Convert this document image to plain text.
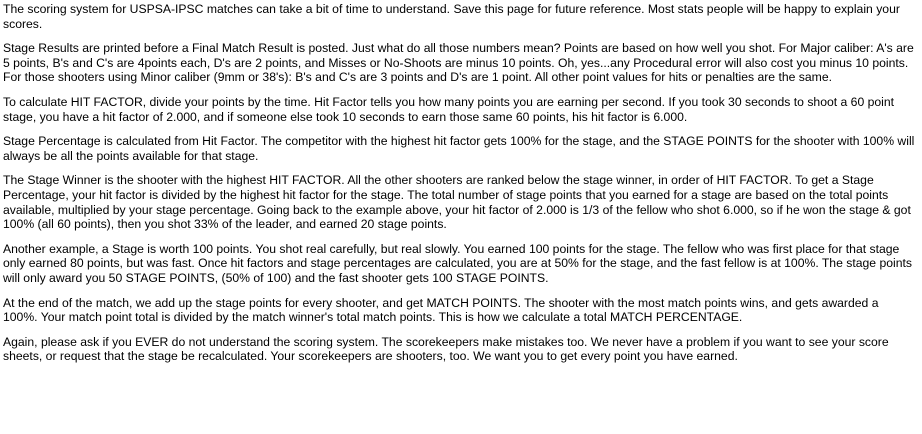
The scoring system for USPSA-IPSC matches can take a bit of time to understand. Save this page for future reference. Most stats people will be happy to explain your scores.

Stage Results are printed before a Final Match Result is posted. Just what do all those numbers mean? Points are based on how well you shot. For Major caliber: A's are 5 points, B's and C's are 4points each, D's are 2 points, and Misses or No-Shoots are minus 10 points. Oh, yes...any Procedural error will also cost you minus 10 points. For those shooters using Minor caliber (9mm or 38's): B's and C's are 3 points and D's are 1 point. All other point values for hits or penalties are the same.

To calculate HIT FACTOR, divide your points by the time. Hit Factor tells you how many points you are earning per second. If you took 30 seconds to shoot a 60 point stage, you have a hit factor of 2.000, and if someone else took 10 seconds to earn those same 60 points, his hit factor is 6.000.

Stage Percentage is calculated from Hit Factor. The competitor with the highest hit factor gets 100% for the stage, and the STAGE POINTS for the shooter with 100% will always be all the points available for that stage.

The Stage Winner is the shooter with the highest HIT FACTOR. All the other shooters are ranked below the stage winner, in order of HIT FACTOR. To get a Stage Percentage, your hit factor is divided by the highest hit factor for the stage. The total number of stage points that you earned for a stage are based on the total points available, multiplied by your stage percentage. Going back to the example above, your hit factor of 2.000 is 1/3 of the fellow who shot 6.000, so if he won the stage & got 100% (all 60 points), then you shot 33% of the leader, and earned 20 stage points.

Another example, a Stage is worth 100 points. You shot real carefully, but real slowly. You earned 100 points for the stage. The fellow who was first place for that stage only earned 80 points, but was fast. Once hit factors and stage percentages are calculated, you are at 50% for the stage, and the fast fellow is at 100%. The stage points will only award you 50 STAGE POINTS, (50% of 100) and the fast shooter gets 100 STAGE POINTS.

At the end of the match, we add up the stage points for every shooter, and get MATCH POINTS. The shooter with the most match points wins, and gets awarded a 100%. Your match point total is divided by the match winner's total match points. This is how we calculate a total MATCH PERCENTAGE.

Again, please ask if you EVER do not understand the scoring system. The scorekeepers make mistakes too. We never have a problem if you want to see your score sheets, or request that the stage be recalculated. Your scorekeepers are shooters, too. We want you to get every point you have earned.
